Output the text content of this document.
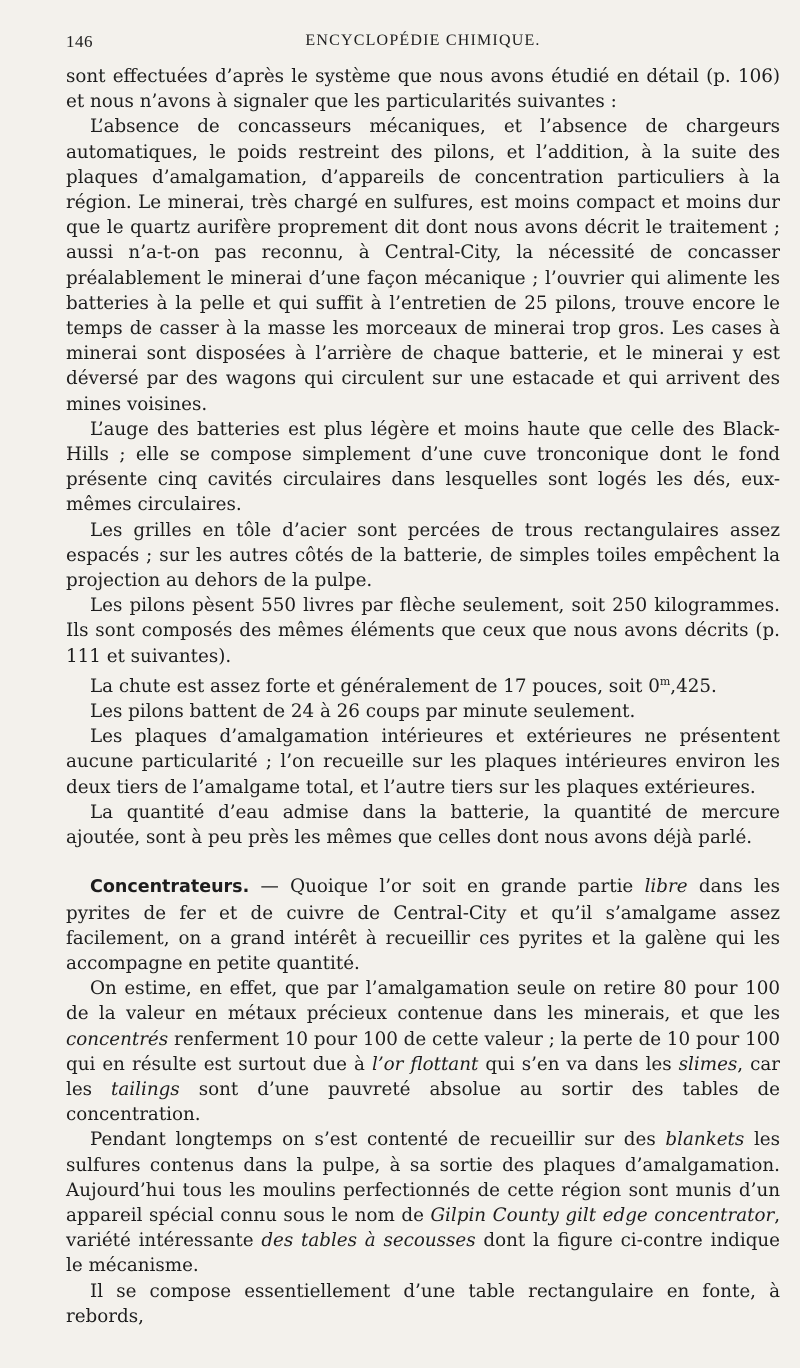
146	ENCYCLOPÉDIE CHIMIQUE.

sont effectuées d’après le système que nous avons étudié en détail (p. 106) et nous n’avons à signaler que les particularités suivantes :

L’absence de concasseurs mécaniques, et l’absence de chargeurs automatiques, le poids restreint des pilons, et l’addition, à la suite des plaques d’amalgamation, d’appareils de concentration particuliers à la région. Le minerai, très chargé en sulfures, est moins compact et moins dur que le quartz aurifère proprement dit dont nous avons décrit le traitement ; aussi n’a-t-on pas reconnu, à Central-City, la nécessité de concasser préalablement le minerai d’une façon mécanique ; l’ouvrier qui alimente les batteries à la pelle et qui suffit à l’entretien de 25 pilons, trouve encore le temps de casser à la masse les morceaux de minerai trop gros. Les cases à minerai sont disposées à l’arrière de chaque batterie, et le minerai y est déversé par des wagons qui circulent sur une estacade et qui arrivent des mines voisines.

L’auge des batteries est plus légère et moins haute que celle des Black-Hills ; elle se compose simplement d’une cuve tronconique dont le fond présente cinq cavités circulaires dans lesquelles sont logés les dés, eux-mêmes circulaires.

Les grilles en tôle d’acier sont percées de trous rectangulaires assez espacés ; sur les autres côtés de la batterie, de simples toiles empêchent la projection au dehors de la pulpe.

Les pilons pèsent 550 livres par flèche seulement, soit 250 kilogrammes. Ils sont composés des mêmes éléments que ceux que nous avons décrits (p. 111 et suivantes).

La chute est assez forte et généralement de 17 pouces, soit 0$^m$,425.

Les pilons battent de 24 à 26 coups par minute seulement.

Les plaques d’amalgamation intérieures et extérieures ne présentent aucune particularité ; l’on recueille sur les plaques intérieures environ les deux tiers de l’amalgame total, et l’autre tiers sur les plaques extérieures.

La quantité d’eau admise dans la batterie, la quantité de mercure ajoutée, sont à peu près les mêmes que celles dont nous avons déjà parlé.

Concentrateurs. — Quoique l’or soit en grande partie libre dans les pyrites de fer et de cuivre de Central-City et qu’il s’amalgame assez facilement, on a grand intérêt à recueillir ces pyrites et la galène qui les accompagne en petite quantité.

On estime, en effet, que par l’amalgamation seule on retire 80 pour 100 de la valeur en métaux précieux contenue dans les minerais, et que les concentrés renferment 10 pour 100 de cette valeur ; la perte de 10 pour 100 qui en résulte est surtout due à l’or flottant qui s’en va dans les slimes, car les tailings sont d’une pauvreté absolue au sortir des tables de concentration.

Pendant longtemps on s’est contenté de recueillir sur des blankets les sulfures contenus dans la pulpe, à sa sortie des plaques d’amalgamation. Aujourd’hui tous les moulins perfectionnés de cette région sont munis d’un appareil spécial connu sous le nom de Gilpin County gilt edge concentrator, variété intéressante des tables à secousses dont la figure ci-contre indique le mécanisme.

Il se compose essentiellement d’une table rectangulaire en fonte, à rebords,
